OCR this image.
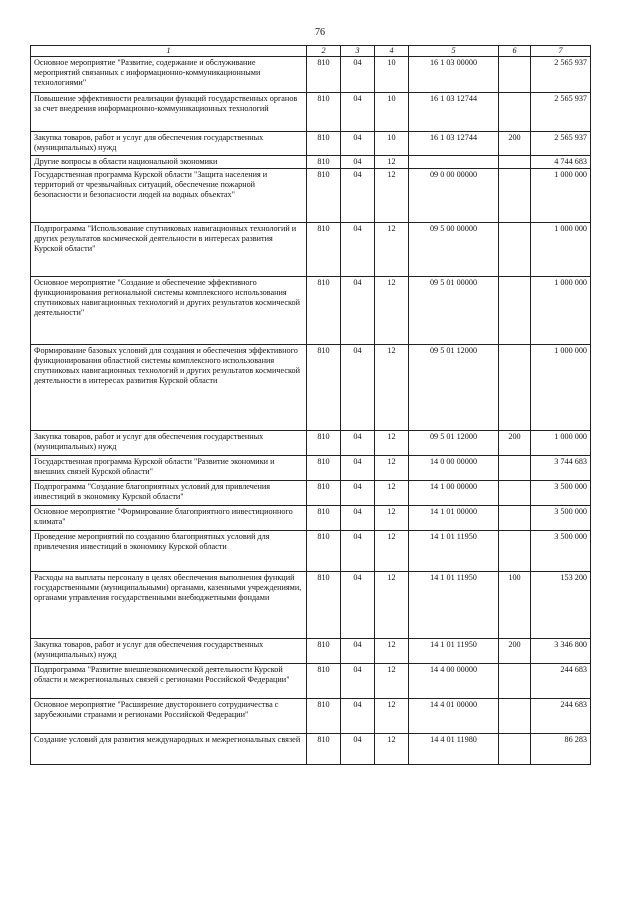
76
1	2	3	4	5	6	7
Основное мероприятие "Развитие, содержание и обслуживание мероприятий связанных с информационно-коммуникационными технологиями"	810	04	10	16 1 03 00000		2 565 937
Повышение эффективности реализации функций государственных органов за счет внедрения информационно-коммуникационных технологий	810	04	10	16 1 03 12744		2 565 937
Закупка товаров, работ и услуг для обеспечения государственных (муниципальных) нужд	810	04	10	16 1 03 12744	200	2 565 937
Другие вопросы в области национальной экономики	810	04	12			4 744 683
Государственная программа Курской области "Защита населения и территорий от чрезвычайных ситуаций, обеспечение пожарной безопасности и безопасности людей на водных объектах"	810	04	12	09 0 00 00000		1 000 000
Подпрограмма "Использование спутниковых навигационных технологий и других результатов космической деятельности в интересах развития Курской области"	810	04	12	09 5 00 00000		1 000 000
Основное мероприятие "Создание и обеспечение эффективного функционирования региональной системы комплексного использования спутниковых навигационных технологий и других результатов космической деятельности"	810	04	12	09 5 01 00000		1 000 000
Формирование базовых условий для создания и обеспечения эффективного функционирования областной системы комплексного использования спутниковых навигационных технологий и других результатов космической деятельности в интересах развития Курской области	810	04	12	09 5 01 12000		1 000 000
Закупка товаров, работ и услуг для обеспечения государственных (муниципальных) нужд	810	04	12	09 5 01 12000	200	1 000 000
Государственная программа Курской области "Развитие экономики и внешних связей Курской области"	810	04	12	14 0 00 00000		3 744 683
Подпрограмма "Создание благоприятных условий для привлечения инвестиций в экономику Курской области"	810	04	12	14 1 00 00000		3 500 000
Основное мероприятие "Формирование благоприятного инвестиционного климата"	810	04	12	14 1 01 00000		3 500 000
Проведение мероприятий по созданию благоприятных условий для привлечения инвестиций в экономику Курской области	810	04	12	14 1 01 11950		3 500 000
Расходы на выплаты персоналу в целях обеспечения выполнения функций государственными (муниципальными) органами, казенными учреждениями, органами управления государственными внебюджетными фондами	810	04	12	14 1 01 11950	100	153 200
Закупка товаров, работ и услуг для обеспечения государственных (муниципальных) нужд	810	04	12	14 1 01 11950	200	3 346 800
Подпрограмма "Развитие внешнеэкономической деятельности Курской области и межрегиональных связей с регионами Российской Федерации"	810	04	12	14 4 00 00000		244 683
Основное мероприятие "Расширение двустороннего сотрудничества с зарубежными странами и регионами Российской Федерации"	810	04	12	14 4 01 00000		244 683
Создание условий для развития международных и межрегиональных связей	810	04	12	14 4 01 11980		86 283
